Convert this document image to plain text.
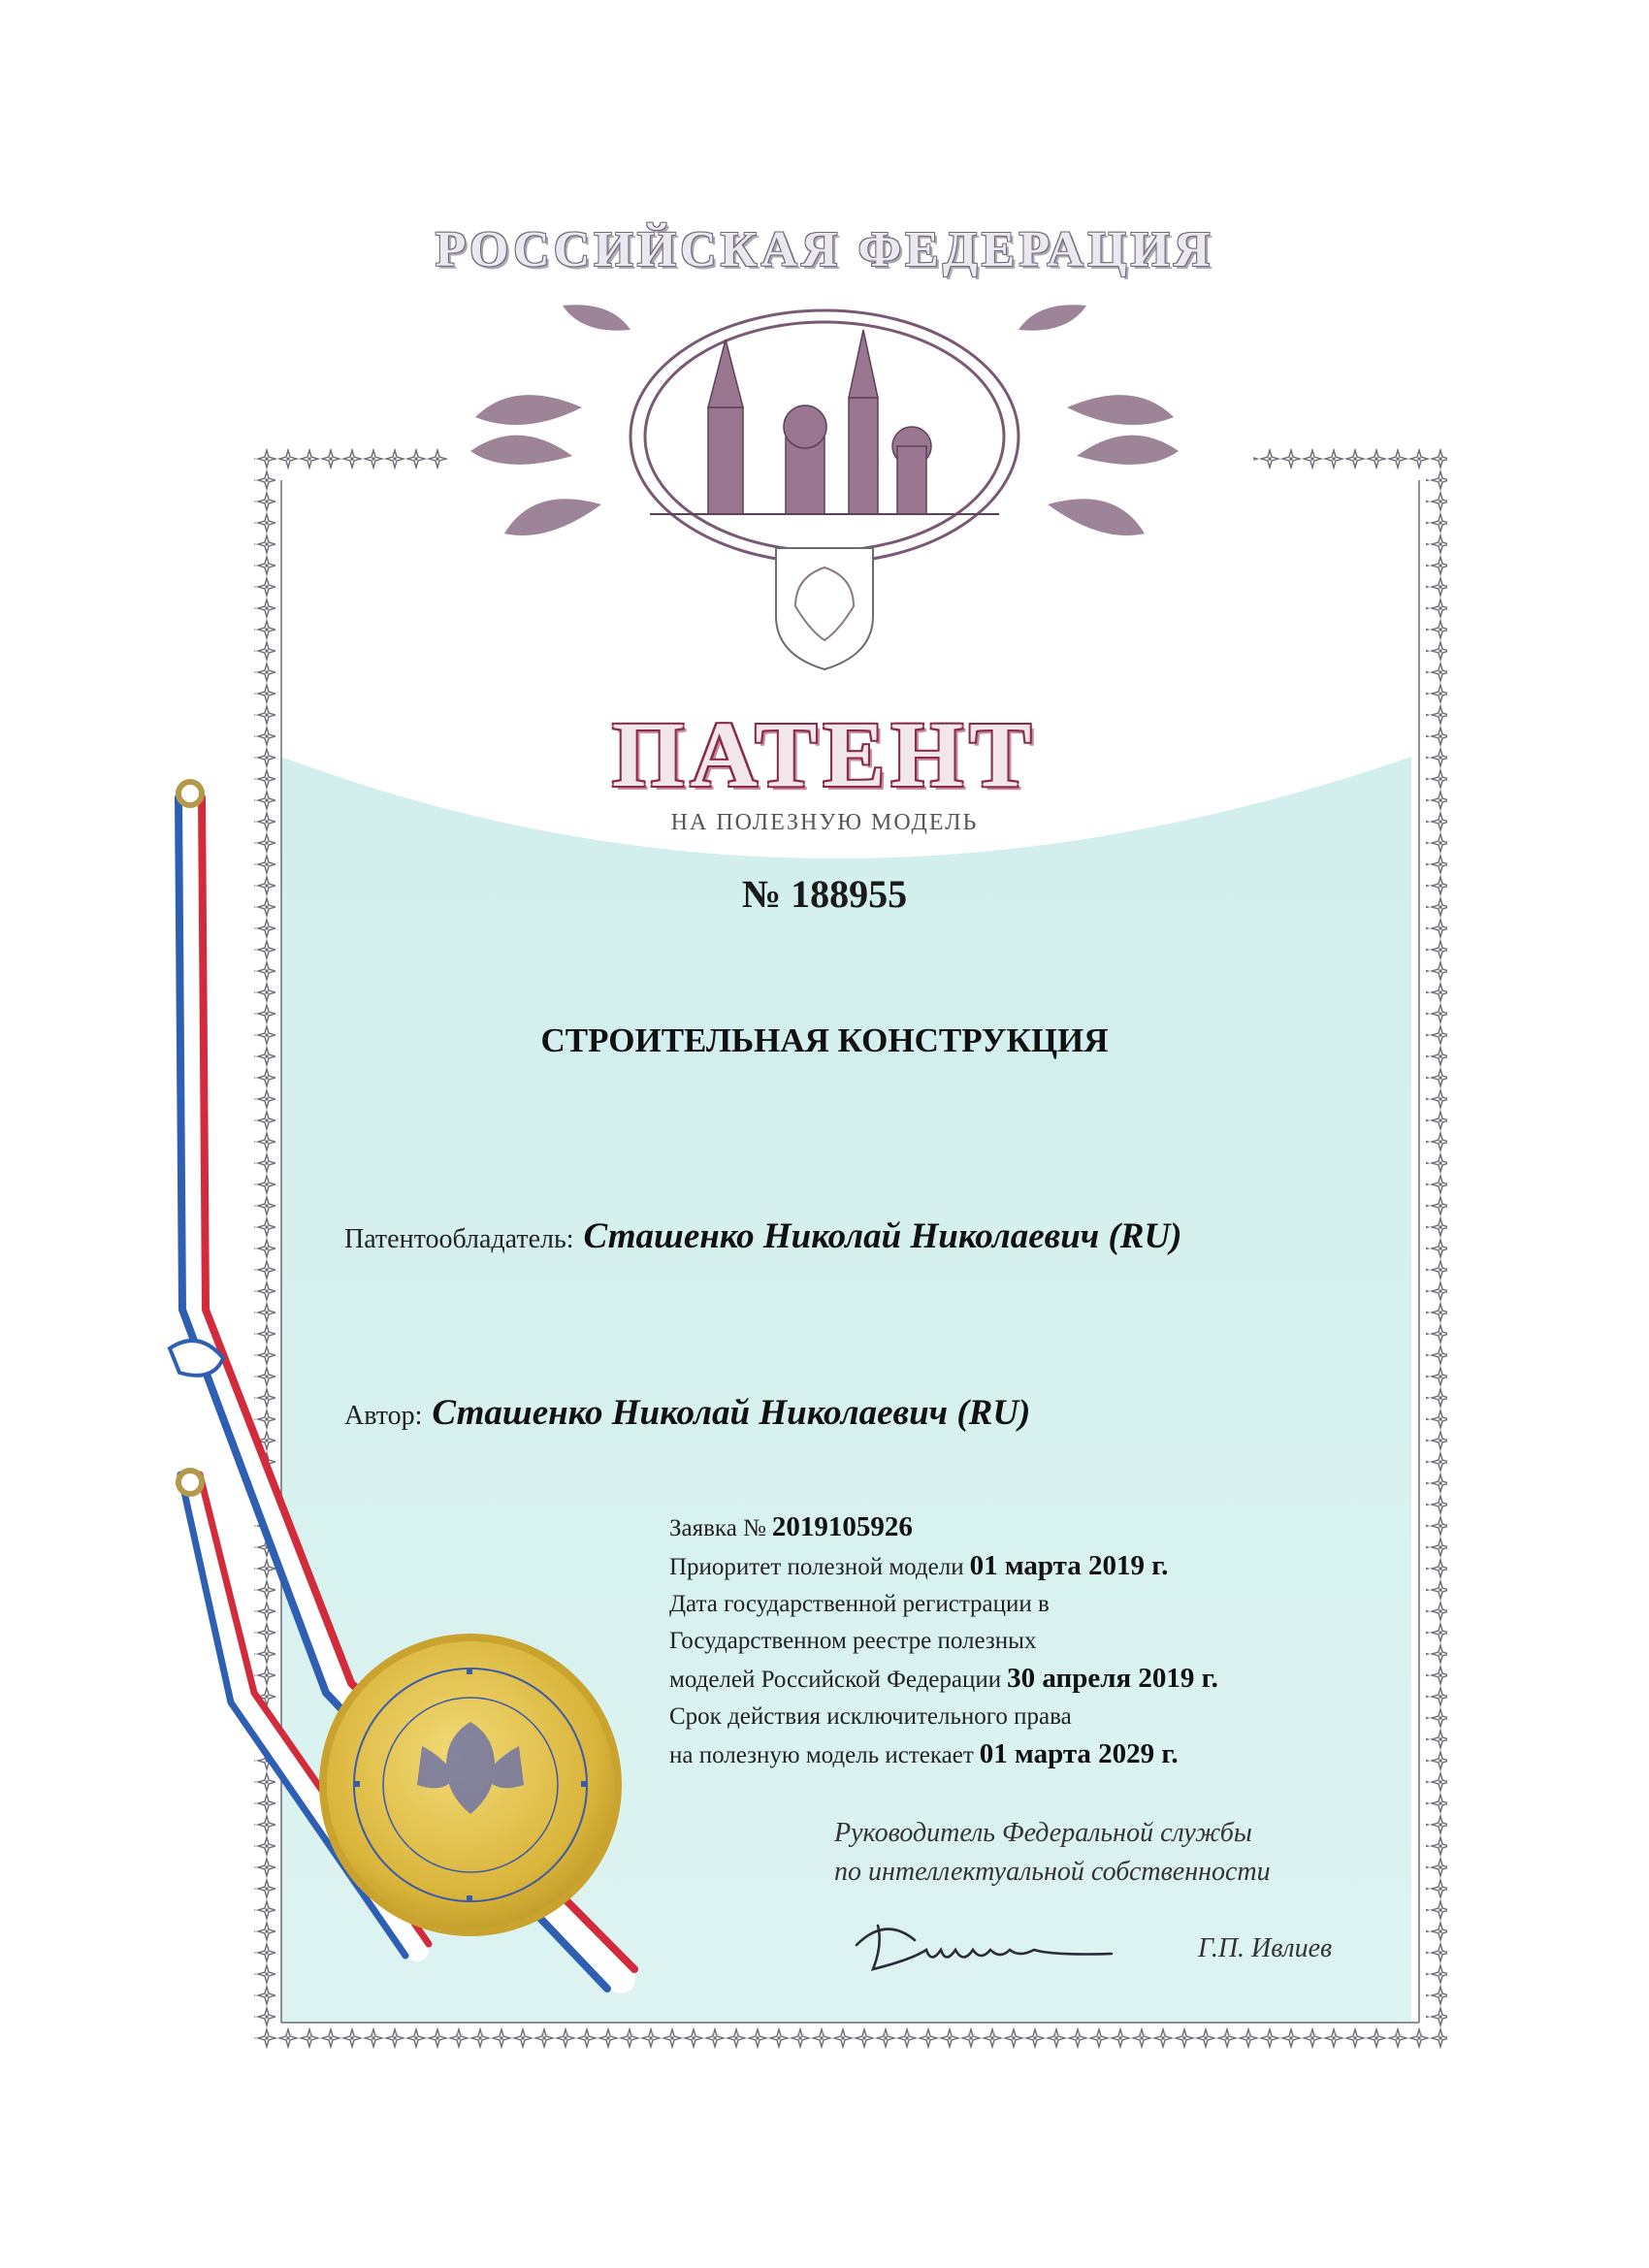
РОССИЙСКАЯ ФЕДЕРАЦИЯ
ПАТЕНТ
НА ПОЛЕЗНУЮ МОДЕЛЬ
№ 188955
СТРОИТЕЛЬНАЯ КОНСТРУКЦИЯ
Патентообладатель: Сташенко Николай Николаевич (RU)
Автор: Сташенко Николай Николаевич (RU)
Заявка № 2019105926
Приоритет полезной модели 01 марта 2019 г.
Дата государственной регистрации в
Государственном реестре полезных
моделей Российской Федерации 30 апреля 2019 г.
Срок действия исключительного права
на полезную модель истекает 01 марта 2029 г.
Руководитель Федеральной службы
по интеллектуальной собственности
Г.П. Ивлиев
